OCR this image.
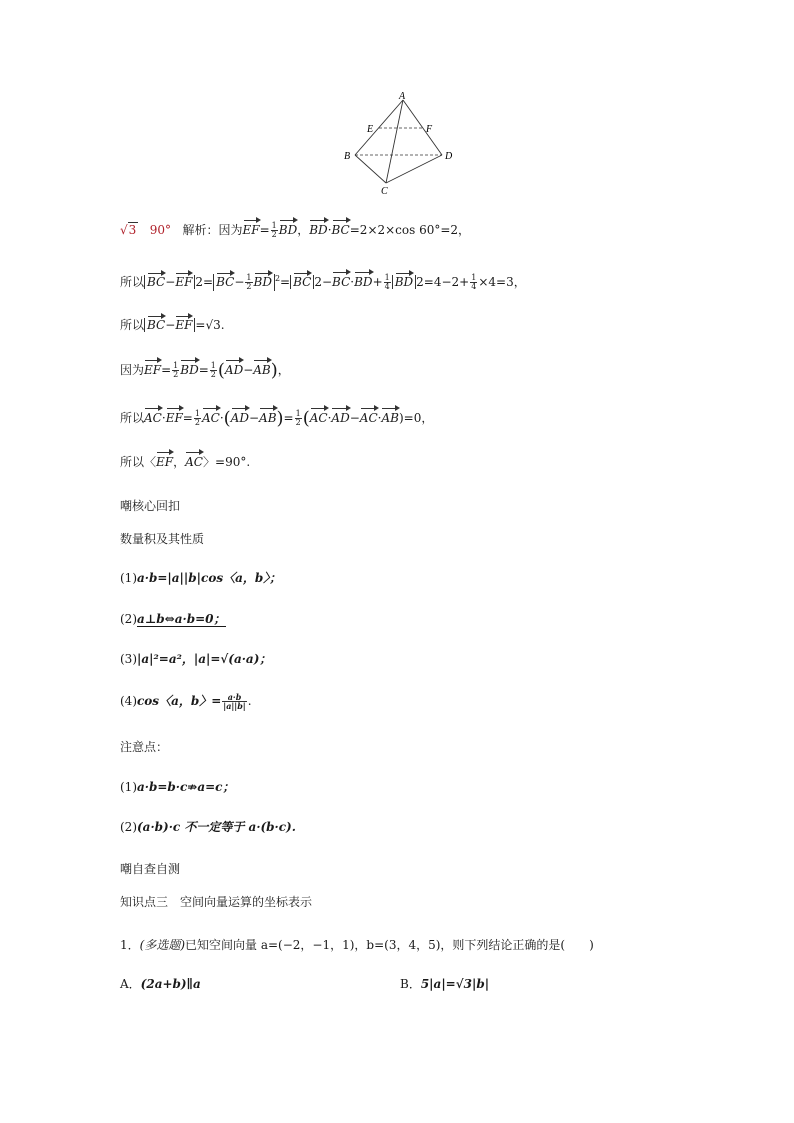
A
B
C
D
E	F
√3 90° 解析：因为$EF= \frac{1}{2}$ BD，BD·BC=2×2×cos 60°=2，
所以 BC−EF $2= BC- \frac{1}{2}$ BD $^2$= BC $2-BC\cdot BD+ \frac{1}{4}$ BD $2=4-2+ \frac{1}{4} \times 4=3$，
所以 BC−EF =√3.
因为$EF= \frac{1}{2} BD= \frac{1}{2} (AD-AB)$，
所以$AC\cdot EF= \frac{1}{2} AC\cdot(AD-AB)= \frac{1}{2} (AC\cdot AD-AC\cdot AB)=0$，
所以〈EF，AC〉=90°.
嘲核心回扣
数量积及其性质
(1)a·b=|a||b|cos〈a，b〉；
(2)a⊥b⇔a·b=0；
(3)|a|²=a²，|a|=√(a·a)；
(4)cos〈a，b〉= $\frac{a\cdot b}{|a||b|}$ .
注意点：
(1)a·b=b·c⇏a=c；
(2)(a·b)·c 不一定等于 a·(b·c).
嘲自查自测
知识点三　空间向量运算的坐标表示
1．(多选题)已知空间向量 a=(−2，−1，1)，b=(3，4，5)，则下列结论正确的是(　　)
A．(2a+b)∥a	B．5|a|=√3|b|
